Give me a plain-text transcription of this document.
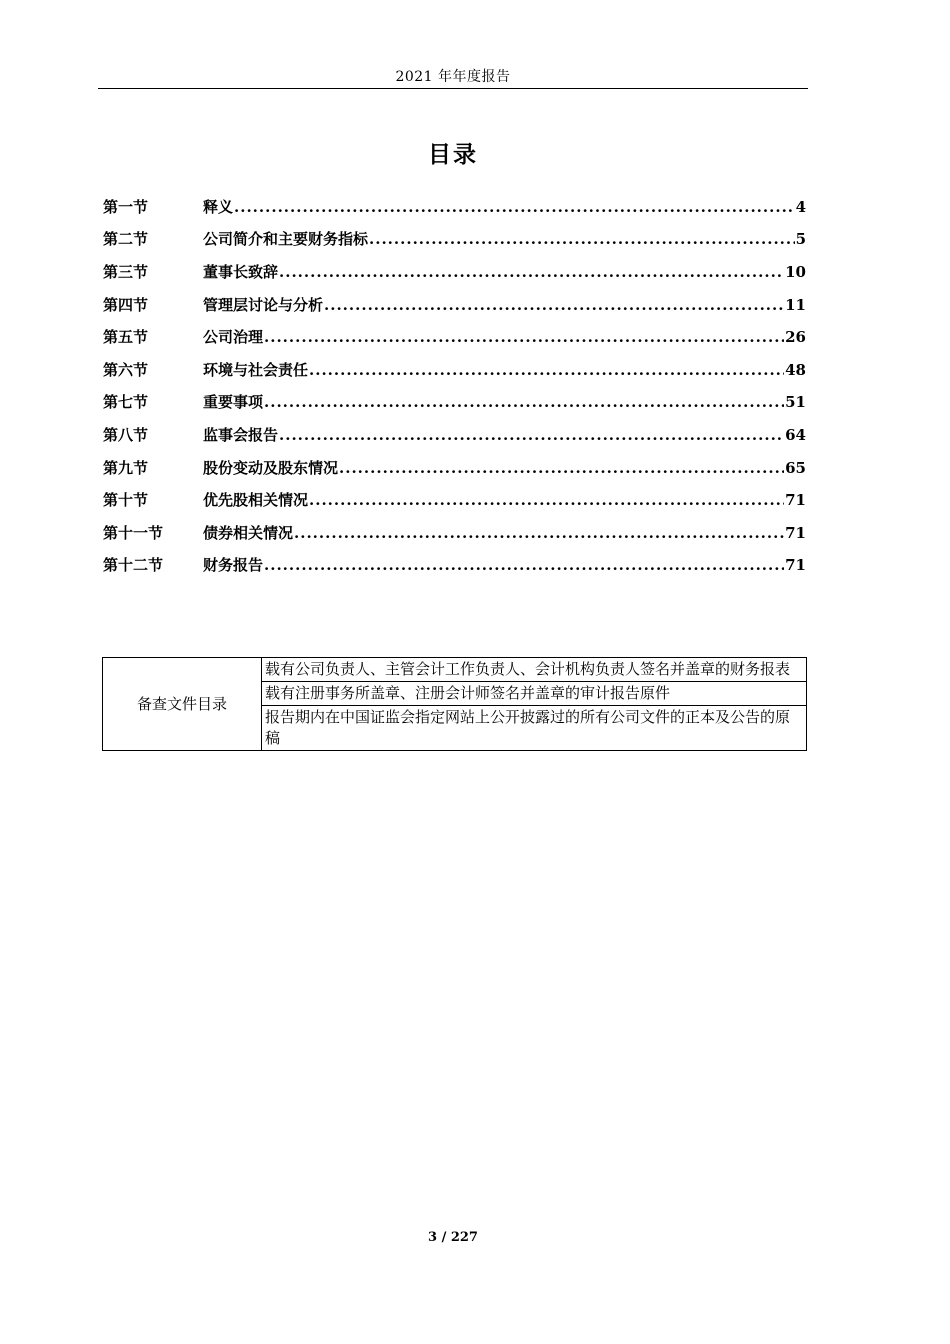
2021 年年度报告
目录
第一节	释义 .....	4
第二节	公司简介和主要财务指标 .....	5
第三节	董事长致辞 .....	10
第四节	管理层讨论与分析 .....	11
第五节	公司治理 .....	26
第六节	环境与社会责任 .....	48
第七节	重要事项 .....	51
第八节	监事会报告 .....	64
第九节	股份变动及股东情况 .....	65
第十节	优先股相关情况 .....	71
第十一节	债券相关情况 .....	71
第十二节	财务报告 .....	71
备查文件目录	载有公司负责人、主管会计工作负责人、会计机构负责人签名并盖章的财务报表
载有注册事务所盖章、注册会计师签名并盖章的审计报告原件
报告期内在中国证监会指定网站上公开披露过的所有公司文件的正本及公告的原稿
3 / 227
